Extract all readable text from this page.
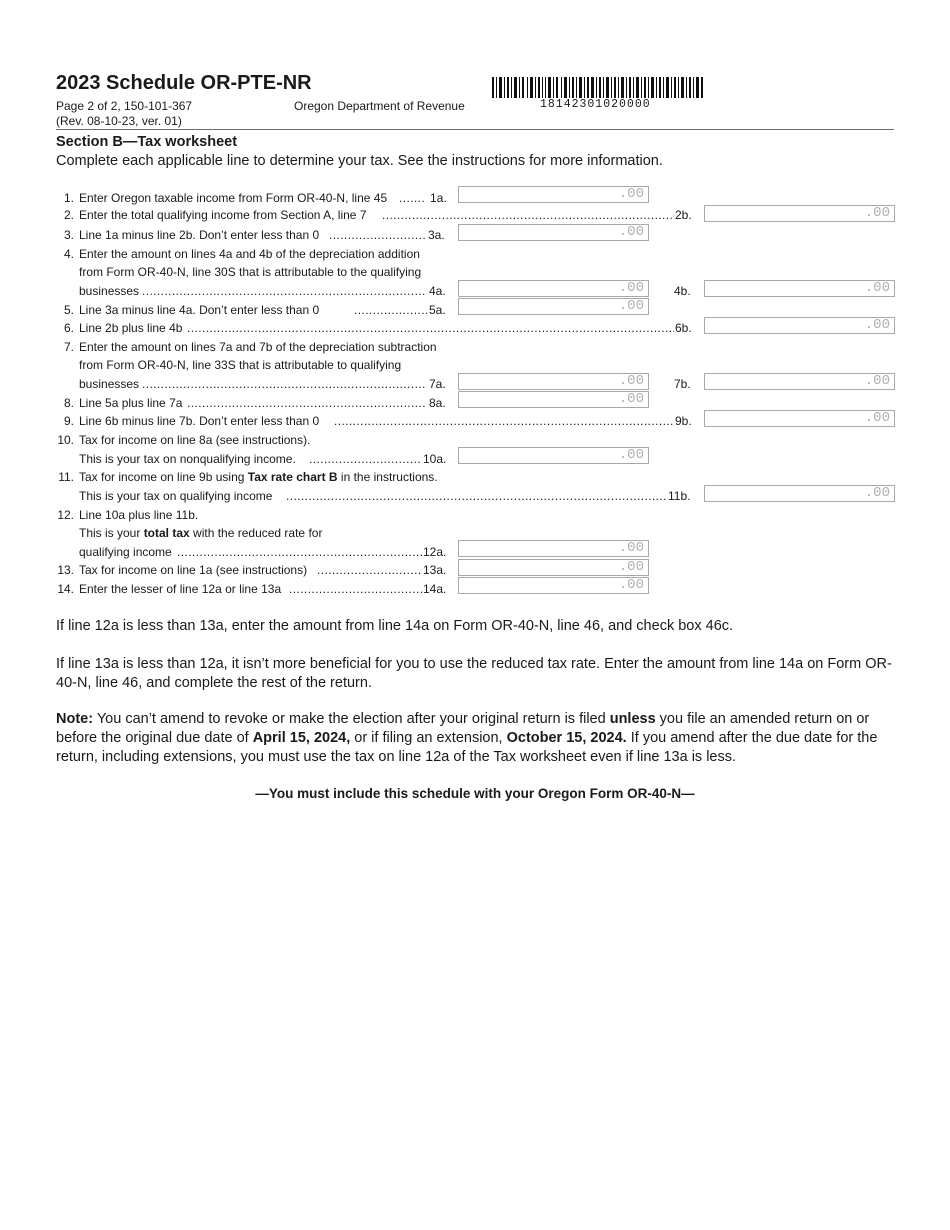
2023 Schedule OR-PTE-NR
Page 2 of 2, 150-101-367
(Rev. 08-10-23, ver. 01)
Oregon Department of Revenue	18142301020000
Section B—Tax worksheet
Complete each applicable line to determine your tax. See the instructions for more information.
1. Enter Oregon taxable income from Form OR-40-N, line 45 .....	1a.	.00
2. Enter the total qualifying income from Section A, line 7 .....	2b.	.00
3. Line 1a minus line 2b. Don’t enter less than 0 .....	3a.	.00
4. Enter the amount on lines 4a and 4b of the depreciation addition
from Form OR-40-N, line 30S that is attributable to the qualifying
businesses .....	4a.	.00	4b.	.00
5. Line 3a minus line 4a. Don’t enter less than 0 .....	5a.	.00
6. Line 2b plus line 4b .....	6b.	.00
7. Enter the amount on lines 7a and 7b of the depreciation subtraction
from Form OR-40-N, line 33S that is attributable to qualifying
businesses .....	7a.	.00	7b.	.00
8. Line 5a plus line 7a .....	8a.	.00
9. Line 6b minus line 7b. Don’t enter less than 0 .....	9b.	.00
10. Tax for income on line 8a (see instructions).
This is your tax on nonqualifying income. .....	10a.	.00
11. Tax for income on line 9b using Tax rate chart B in the instructions.
This is your tax on qualifying income .....	11b.	.00
12. Line 10a plus line 11b.
This is your total tax with the reduced rate for
qualifying income .....	12a.	.00
13. Tax for income on line 1a (see instructions) .....	13a.	.00
14. Enter the lesser of line 12a or line 13a .....	14a.	.00
If line 12a is less than 13a, enter the amount from line 14a on Form OR-40-N, line 46, and check box 46c.
If line 13a is less than 12a, it isn’t more beneficial for you to use the reduced tax rate. Enter the amount from line 14a on Form OR-40-N, line 46, and complete the rest of the return.
Note: You can’t amend to revoke or make the election after your original return is filed unless you file an amended return on or before the original due date of April 15, 2024, or if filing an extension, October 15, 2024. If you amend after the due date for the return, including extensions, you must use the tax on line 12a of the Tax worksheet even if line 13a is less.
—You must include this schedule with your Oregon Form OR-40-N—
